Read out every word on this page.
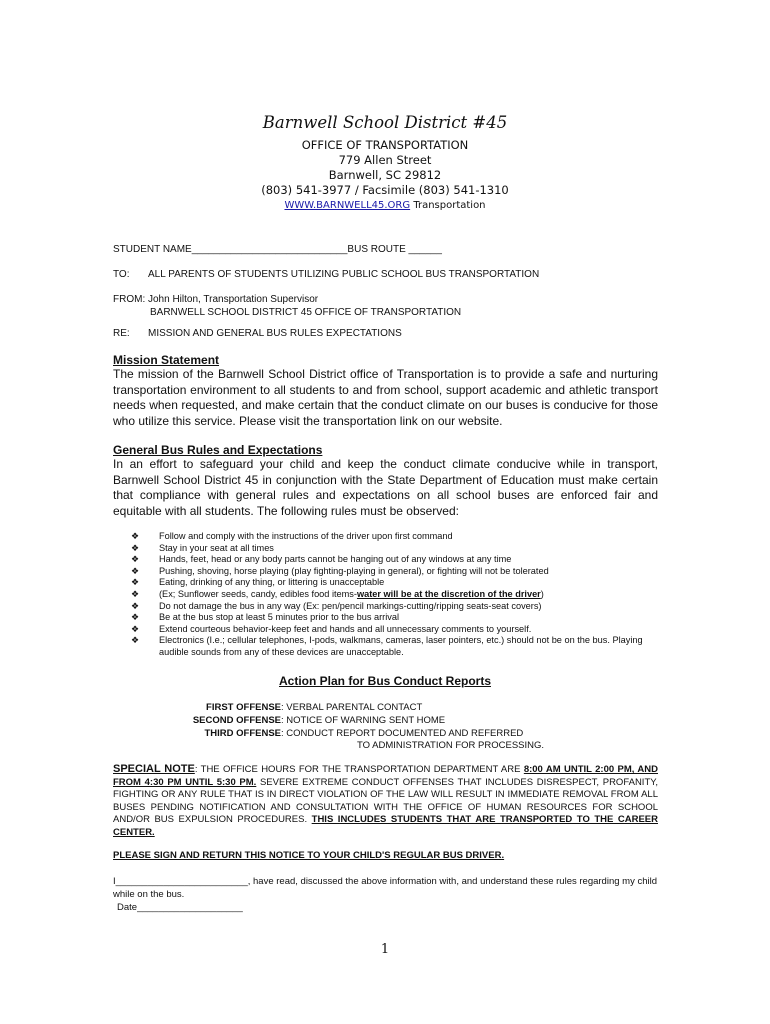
Barnwell School District #45
OFFICE OF TRANSPORTATION
779 Allen Street
Barnwell, SC 29812
(803) 541-3977 / Facsimile (803) 541-1310
WWW.BARNWELL45.ORG Transportation
STUDENT NAME____________________________BUS ROUTE ______
TO: ALL PARENTS OF STUDENTS UTILIZING PUBLIC SCHOOL BUS TRANSPORTATION
FROM: John Hilton, Transportation Supervisor
BARNWELL SCHOOL DISTRICT 45 OFFICE OF TRANSPORTATION
RE: MISSION AND GENERAL BUS RULES EXPECTATIONS
Mission Statement
The mission of the Barnwell School District office of Transportation is to provide a safe and nurturing transportation environment to all students to and from school, support academic and athletic transport needs when requested, and make certain that the conduct climate on our buses is conducive for those who utilize this service. Please visit the transportation link on our website.
General Bus Rules and Expectations
In an effort to safeguard your child and keep the conduct climate conducive while in transport, Barnwell School District 45 in conjunction with the State Department of Education must make certain that compliance with general rules and expectations on all school buses are enforced fair and equitable with all students. The following rules must be observed:
❖ Follow and comply with the instructions of the driver upon first command
❖ Stay in your seat at all times
❖ Hands, feet, head or any body parts cannot be hanging out of any windows at any time
❖ Pushing, shoving, horse playing (play fighting-playing in general), or fighting will not be tolerated
❖ Eating, drinking of any thing, or littering is unacceptable
❖ (Ex; Sunflower seeds, candy, edibles food items-water will be at the discretion of the driver)
❖ Do not damage the bus in any way (Ex: pen/pencil markings-cutting/ripping seats-seat covers)
❖ Be at the bus stop at least 5 minutes prior to the bus arrival
❖ Extend courteous behavior-keep feet and hands and all unnecessary comments to yourself.
❖ Electronics (I.e.; cellular telephones, I-pods, walkmans, cameras, laser pointers, etc.) should not be on the bus. Playing audible sounds from any of these devices are unacceptable.
Action Plan for Bus Conduct Reports
FIRST OFFENSE: VERBAL PARENTAL CONTACT
SECOND OFFENSE: NOTICE OF WARNING SENT HOME
THIRD OFFENSE: CONDUCT REPORT DOCUMENTED AND REFERRED
TO ADMINISTRATION FOR PROCESSING.
SPECIAL NOTE: THE OFFICE HOURS FOR THE TRANSPORTATION DEPARTMENT ARE 8:00 AM UNTIL 2:00 PM, AND FROM 4:30 PM UNTIL 5:30 PM. SEVERE EXTREME CONDUCT OFFENSES THAT INCLUDES DISRESPECT, PROFANITY, FIGHTING OR ANY RULE THAT IS IN DIRECT VIOLATION OF THE LAW WILL RESULT IN IMMEDIATE REMOVAL FROM ALL BUSES PENDING NOTIFICATION AND CONSULTATION WITH THE OFFICE OF HUMAN RESOURCES FOR SCHOOL AND/OR BUS EXPULSION PROCEDURES. THIS INCLUDES STUDENTS THAT ARE TRANSPORTED TO THE CAREER CENTER.
PLEASE SIGN AND RETURN THIS NOTICE TO YOUR CHILD'S REGULAR BUS DRIVER.
I_________________________, have read, discussed the above information with, and understand these rules regarding my child while on the bus.
Date____________________
1
